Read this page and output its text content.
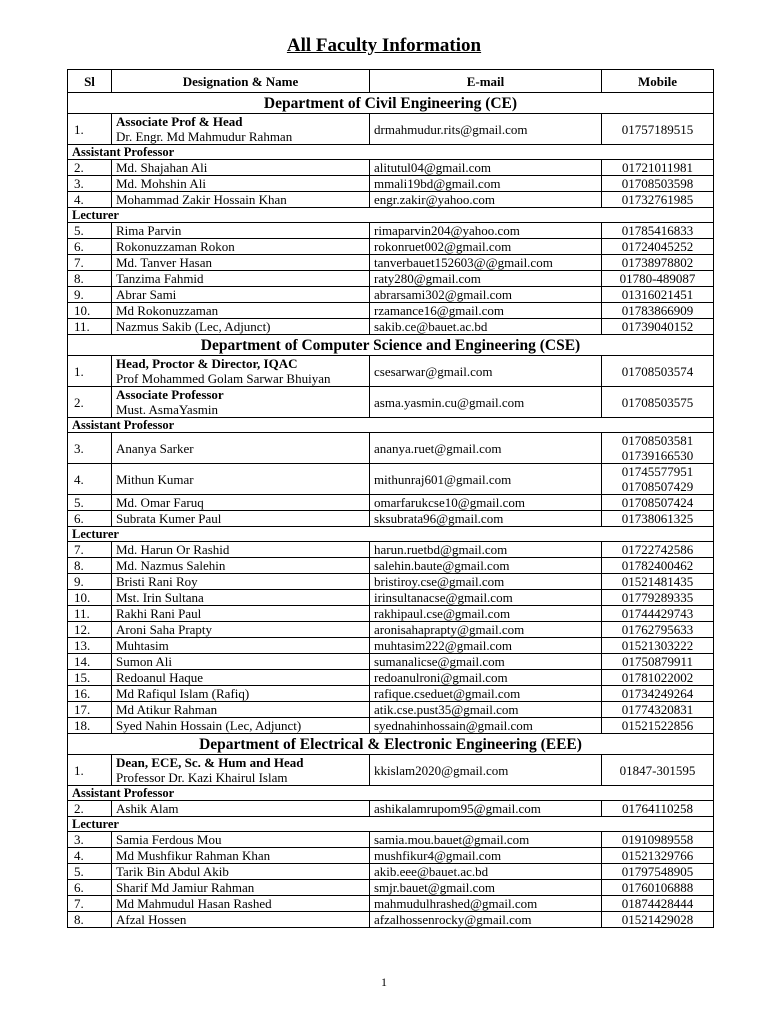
All Faculty Information
Sl	Designation & Name	E-mail	Mobile
Department of Civil Engineering (CE)			
1.	Associate Prof & Head
Dr. Engr. Md Mahmudur Rahman	drmahmudur.rits@gmail.com	01757189515
Assistant Professor			
2.	Md. Shajahan Ali	alitutul04@gmail.com	01721011981
3.	Md. Mohshin Ali	mmali19bd@gmail.com	01708503598
4.	Mohammad Zakir Hossain Khan	engr.zakir@yahoo.com	01732761985
Lecturer			
5.	Rima Parvin	rimaparvin204@yahoo.com	01785416833
6.	Rokonuzzaman Rokon	rokonruet002@gmail.com	01724045252
7.	Md. Tanver Hasan	tanverbauet152603@@gmail.com	01738978802
8.	Tanzima Fahmid	raty280@gmail.com	01780-489087
9.	Abrar Sami	abrarsami302@gmail.com	01316021451
10.	Md Rokonuzzaman	rzamance16@gmail.com	01783866909
11.	Nazmus Sakib (Lec, Adjunct)	sakib.ce@bauet.ac.bd	01739040152
Department of Computer Science and Engineering (CSE)			
1.	Head, Proctor & Director, IQAC
Prof Mohammed Golam Sarwar Bhuiyan	csesarwar@gmail.com	01708503574
2.	Associate Professor
Must. AsmaYasmin	asma.yasmin.cu@gmail.com	01708503575
Assistant Professor			
3.	Ananya Sarker	ananya.ruet@gmail.com	01708503581
01739166530
4.	Mithun Kumar	mithunraj601@gmail.com	01745577951
01708507429
5.	Md. Omar Faruq	omarfarukcse10@gmail.com	01708507424
6.	Subrata Kumer Paul	sksubrata96@gmail.com	01738061325
Lecturer			
7.	Md. Harun Or Rashid	harun.ruetbd@gmail.com	01722742586
8.	Md. Nazmus Salehin	salehin.baute@gmail.com	01782400462
9.	Bristi Rani Roy	bristiroy.cse@gmail.com	01521481435
10.	Mst. Irin Sultana	irinsultanacse@gmail.com	01779289335
11.	Rakhi Rani Paul	rakhipaul.cse@gmail.com	01744429743
12.	Aroni Saha Prapty	aronisahaprapty@gmail.com	01762795633
13.	Muhtasim	muhtasim222@gmail.com	01521303222
14.	Sumon Ali	sumanalicse@gmail.com	01750879911
15.	Redoanul Haque	redoanulroni@gmail.com	01781022002
16.	Md Rafiqul Islam (Rafiq)	rafique.cseduet@gmail.com	01734249264
17.	Md Atikur Rahman	atik.cse.pust35@gmail.com	01774320831
18.	Syed Nahin Hossain (Lec, Adjunct)	syednahinhossain@gmail.com	01521522856
Department of Electrical & Electronic Engineering (EEE)			
1.	Dean, ECE, Sc. & Hum and Head
Professor Dr. Kazi Khairul Islam	kkislam2020@gmail.com	01847-301595
Assistant Professor			
2.	Ashik Alam	ashikalamrupom95@gmail.com	01764110258
Lecturer			
3.	Samia Ferdous Mou	samia.mou.bauet@gmail.com	01910989558
4.	Md Mushfikur Rahman Khan	mushfikur4@gmail.com	01521329766
5.	Tarik Bin Abdul Akib	akib.eee@bauet.ac.bd	01797548905
6.	Sharif Md Jamiur Rahman	smjr.bauet@gmail.com	01760106888
7.	Md Mahmudul Hasan Rashed	mahmudulhrashed@gmail.com	01874428444
8.	Afzal Hossen	afzalhossenrocky@gmail.com	01521429028
1
